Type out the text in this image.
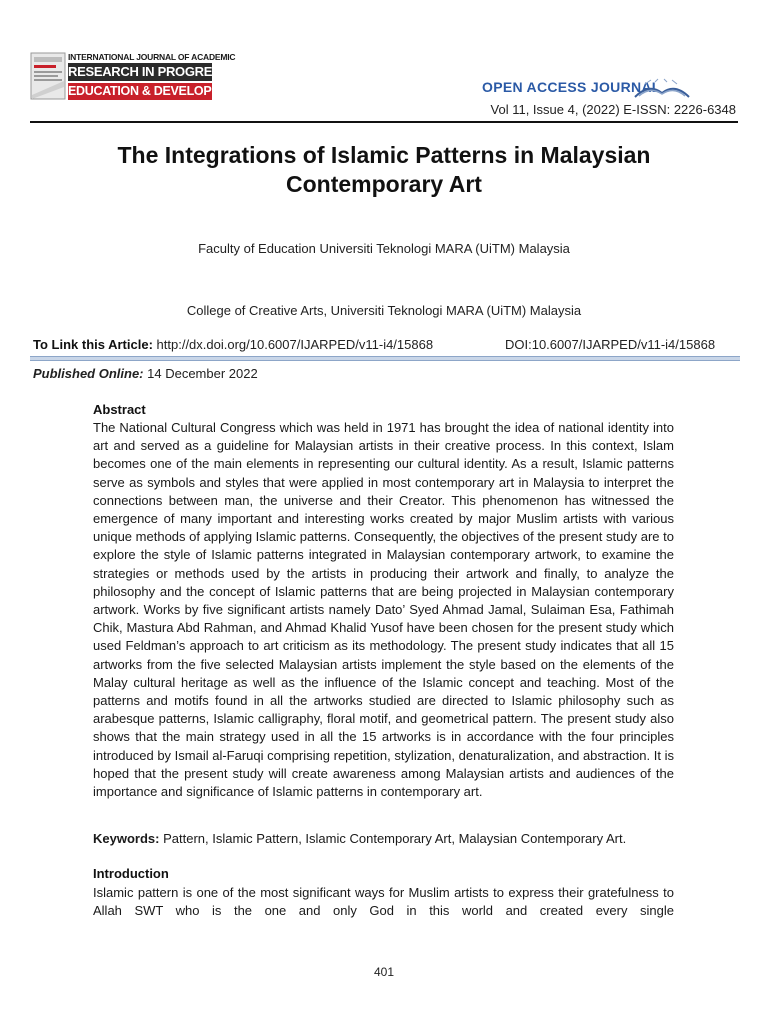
INTERNATIONAL JOURNAL OF ACADEMIC
RESEARCH IN PROGRESSIVE
EDUCATION & DEVELOPMENT	OPEN ACCESS JOURNAL
Vol 11, Issue 4, (2022) E-ISSN: 2226-6348
The Integrations of Islamic Patterns in Malaysian Contemporary Art
Faculty of Education Universiti Teknologi MARA (UiTM) Malaysia
College of Creative Arts, Universiti Teknologi MARA (UiTM) Malaysia
To Link this Article: http://dx.doi.org/10.6007/IJARPED/v11-i4/15868	DOI:10.6007/IJARPED/v11-i4/15868
Published Online: 14 December 2022
Abstract
The National Cultural Congress which was held in 1971 has brought the idea of national identity into art and served as a guideline for Malaysian artists in their creative process. In this context, Islam becomes one of the main elements in representing our cultural identity. As a result, Islamic patterns serve as symbols and styles that were applied in most contemporary art in Malaysia to interpret the connections between man, the universe and their Creator. This phenomenon has witnessed the emergence of many important and interesting works created by major Muslim artists with various unique methods of applying Islamic patterns. Consequently, the objectives of the present study are to explore the style of Islamic patterns integrated in Malaysian contemporary artwork, to examine the strategies or methods used by the artists in producing their artwork and finally, to analyze the philosophy and the concept of Islamic patterns that are being projected in Malaysian contemporary artwork. Works by five significant artists namely Dato’ Syed Ahmad Jamal, Sulaiman Esa, Fathimah Chik, Mastura Abd Rahman, and Ahmad Khalid Yusof have been chosen for the present study which used Feldman’s approach to art criticism as its methodology. The present study indicates that all 15 artworks from the five selected Malaysian artists implement the style based on the elements of the Malay cultural heritage as well as the influence of the Islamic concept and teaching. Most of the patterns and motifs found in all the artworks studied are directed to Islamic philosophy such as arabesque patterns, Islamic calligraphy, floral motif, and geometrical pattern. The present study also shows that the main strategy used in all the 15 artworks is in accordance with the four principles introduced by Ismail al-Faruqi comprising repetition, stylization, denaturalization, and abstraction. It is hoped that the present study will create awareness among Malaysian artists and audiences of the importance and significance of Islamic patterns in contemporary art.
Keywords: Pattern, Islamic Pattern, Islamic Contemporary Art, Malaysian Contemporary Art.
Introduction
Islamic pattern is one of the most significant ways for Muslim artists to express their gratefulness to Allah SWT who is the one and only God in this world and created every single
401
